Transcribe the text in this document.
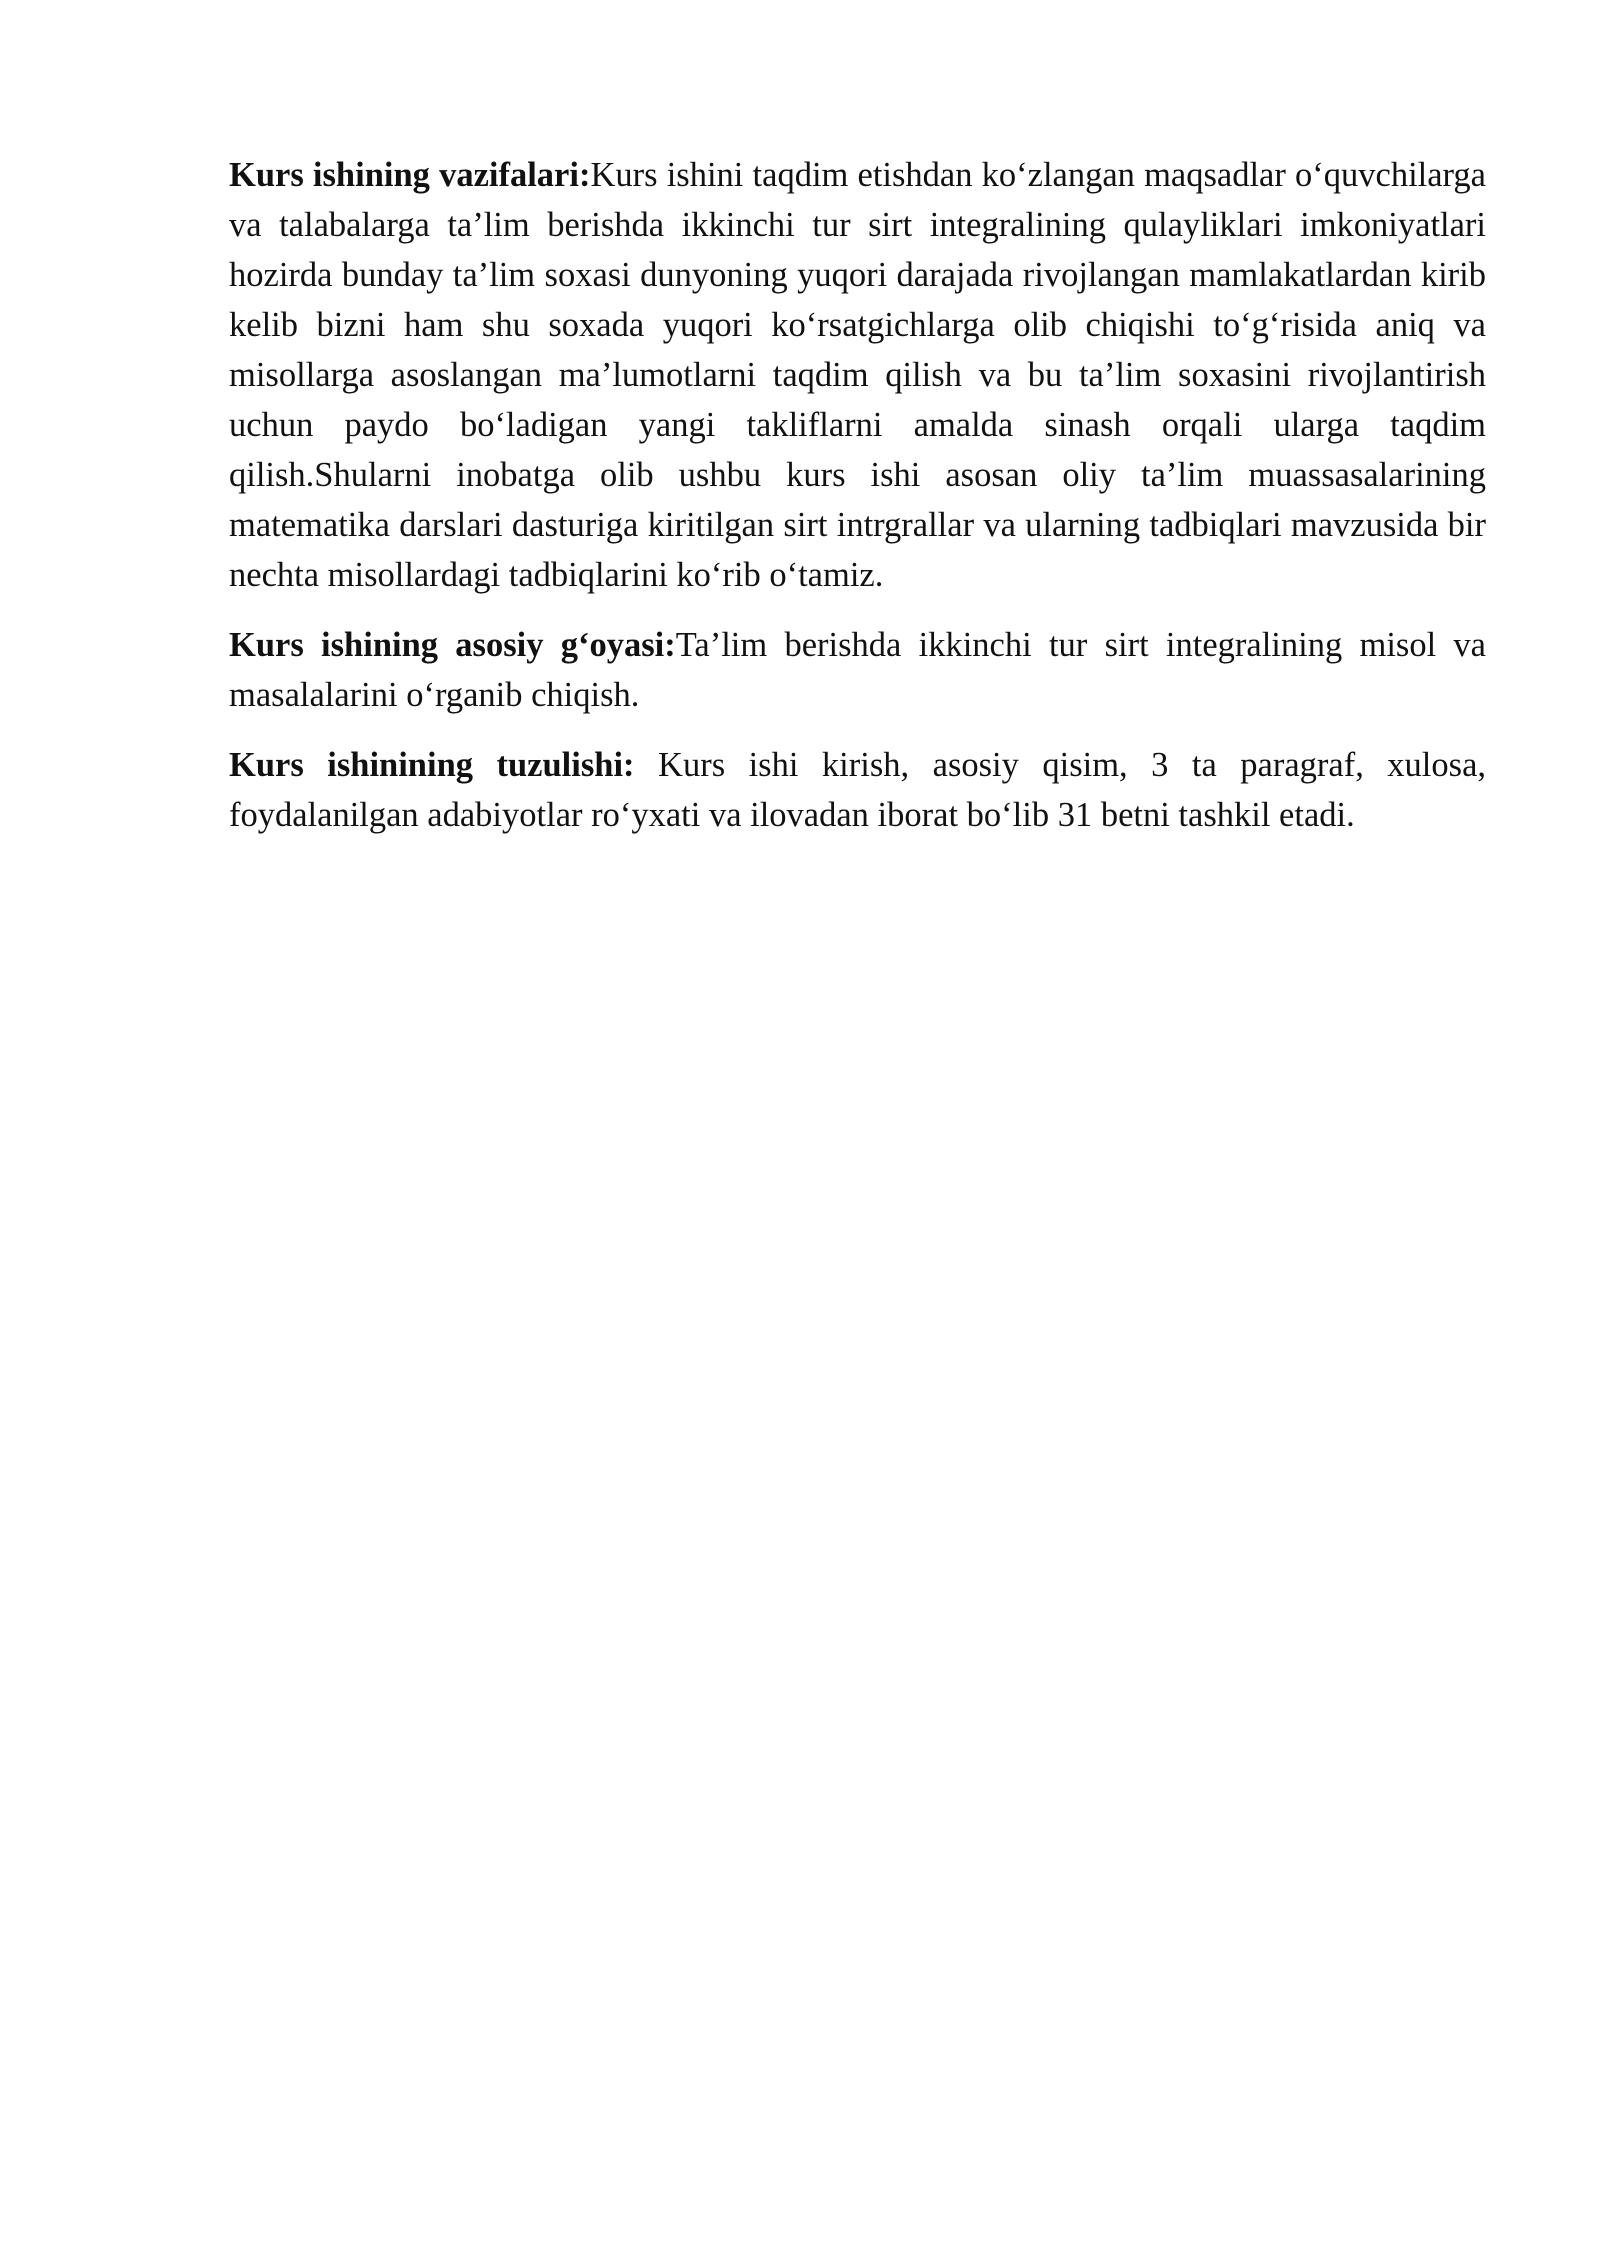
Kurs ishining vazifalari:Kurs ishini taqdim etishdan ko‘zlangan maqsadlar o‘quvchilarga va talabalarga ta’lim berishda ikkinchi tur sirt integralining qulayliklari imkoniyatlari hozirda bunday ta’lim soxasi dunyoning yuqori darajada rivojlangan mamlakatlardan kirib kelib bizni ham shu soxada yuqori ko‘rsatgichlarga olib chiqishi to‘g‘risida aniq va misollarga asoslangan ma’lumotlarni taqdim qilish va bu ta’lim soxasini rivojlantirish uchun paydo bo‘ladigan yangi takliflarni amalda sinash orqali ularga taqdim qilish.Shularni inobatga olib ushbu kurs ishi asosan oliy ta’lim muassasalarining matematika darslari dasturiga kiritilgan sirt intrgrallar va ularning tadbiqlari mavzusida bir nechta misollardagi tadbiqlarini ko‘rib o‘tamiz.

Kurs ishining asosiy g‘oyasi:Ta’lim berishda ikkinchi tur sirt integralining misol va masalalarini o‘rganib chiqish.

Kurs ishinining tuzulishi: Kurs ishi kirish, asosiy qisim, 3 ta paragraf, xulosa, foydalanilgan adabiyotlar ro‘yxati va ilovadan iborat bo‘lib 31 betni tashkil etadi.
